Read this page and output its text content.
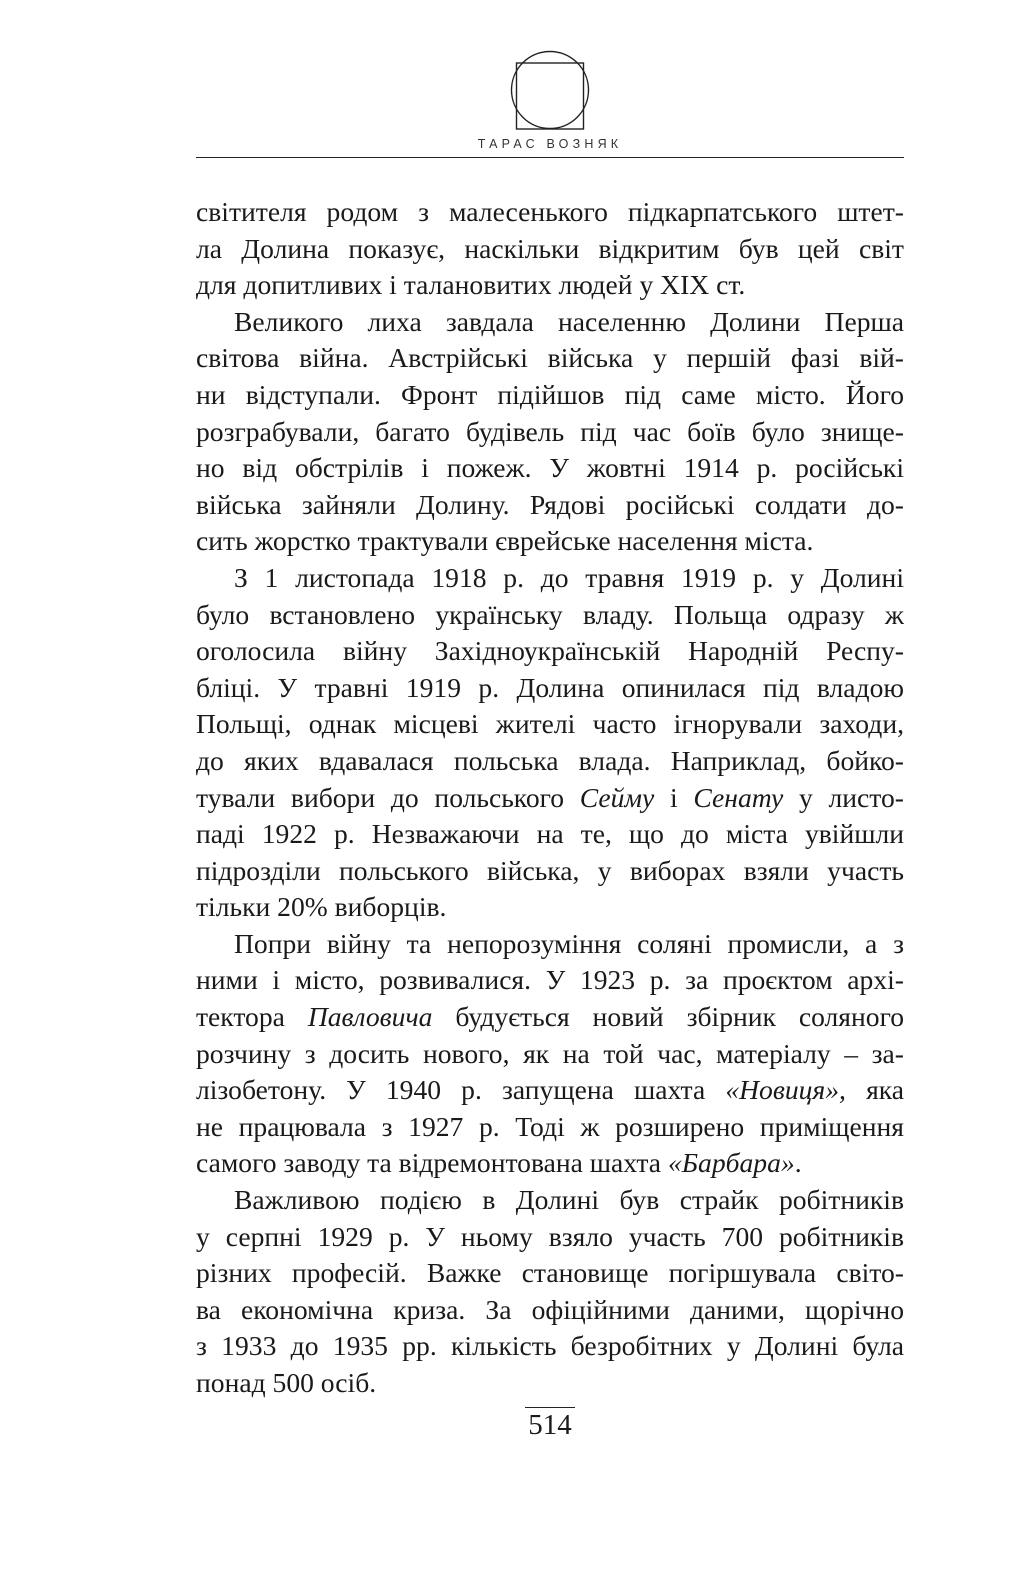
ТАРАС ВОЗНЯК
світителя родом з малесенького підкарпатського штет-
ла Долина показує, наскільки відкритим був цей світ
для допитливих і талановитих людей у XIX ст.
Великого лиха завдала населенню Долини Перша
світова війна. Австрійські війська у першій фазі вій-
ни відступали. Фронт підійшов під саме місто. Його
розграбували, багато будівель під час боїв було знище-
но від обстрілів і пожеж. У жовтні 1914 р. російські
війська зайняли Долину. Рядові російські солдати до-
сить жорстко трактували єврейське населення міста.
З 1 листопада 1918 р. до травня 1919 р. у Долині
було встановлено українську владу. Польща одразу ж
оголосила війну Західноукраїнській Народній Респу-
бліці. У травні 1919 р. Долина опинилася під владою
Польщі, однак місцеві жителі часто ігнорували заходи,
до яких вдавалася польська влада. Наприклад, бойко-
тували вибори до польського Сейму і Сенату у листо-
паді 1922 р. Незважаючи на те, що до міста увійшли
підрозділи польського війська, у виборах взяли участь
тільки 20% виборців.
Попри війну та непорозуміння соляні промисли, а з
ними і місто, розвивалися. У 1923 р. за проєктом архі-
тектора Павловича будується новий збірник соляного
розчину з досить нового, як на той час, матеріалу – за-
лізобетону. У 1940 р. запущена шахта «Новиця», яка
не працювала з 1927 р. Тоді ж розширено приміщення
самого заводу та відремонтована шахта «Барбара».
Важливою подією в Долині був страйк робітників
у серпні 1929 р. У ньому взяло участь 700 робітників
різних професій. Важке становище погіршувала світо-
ва економічна криза. За офіційними даними, щорічно
з 1933 до 1935 рр. кількість безробітних у Долині була
понад 500 осіб.
514
